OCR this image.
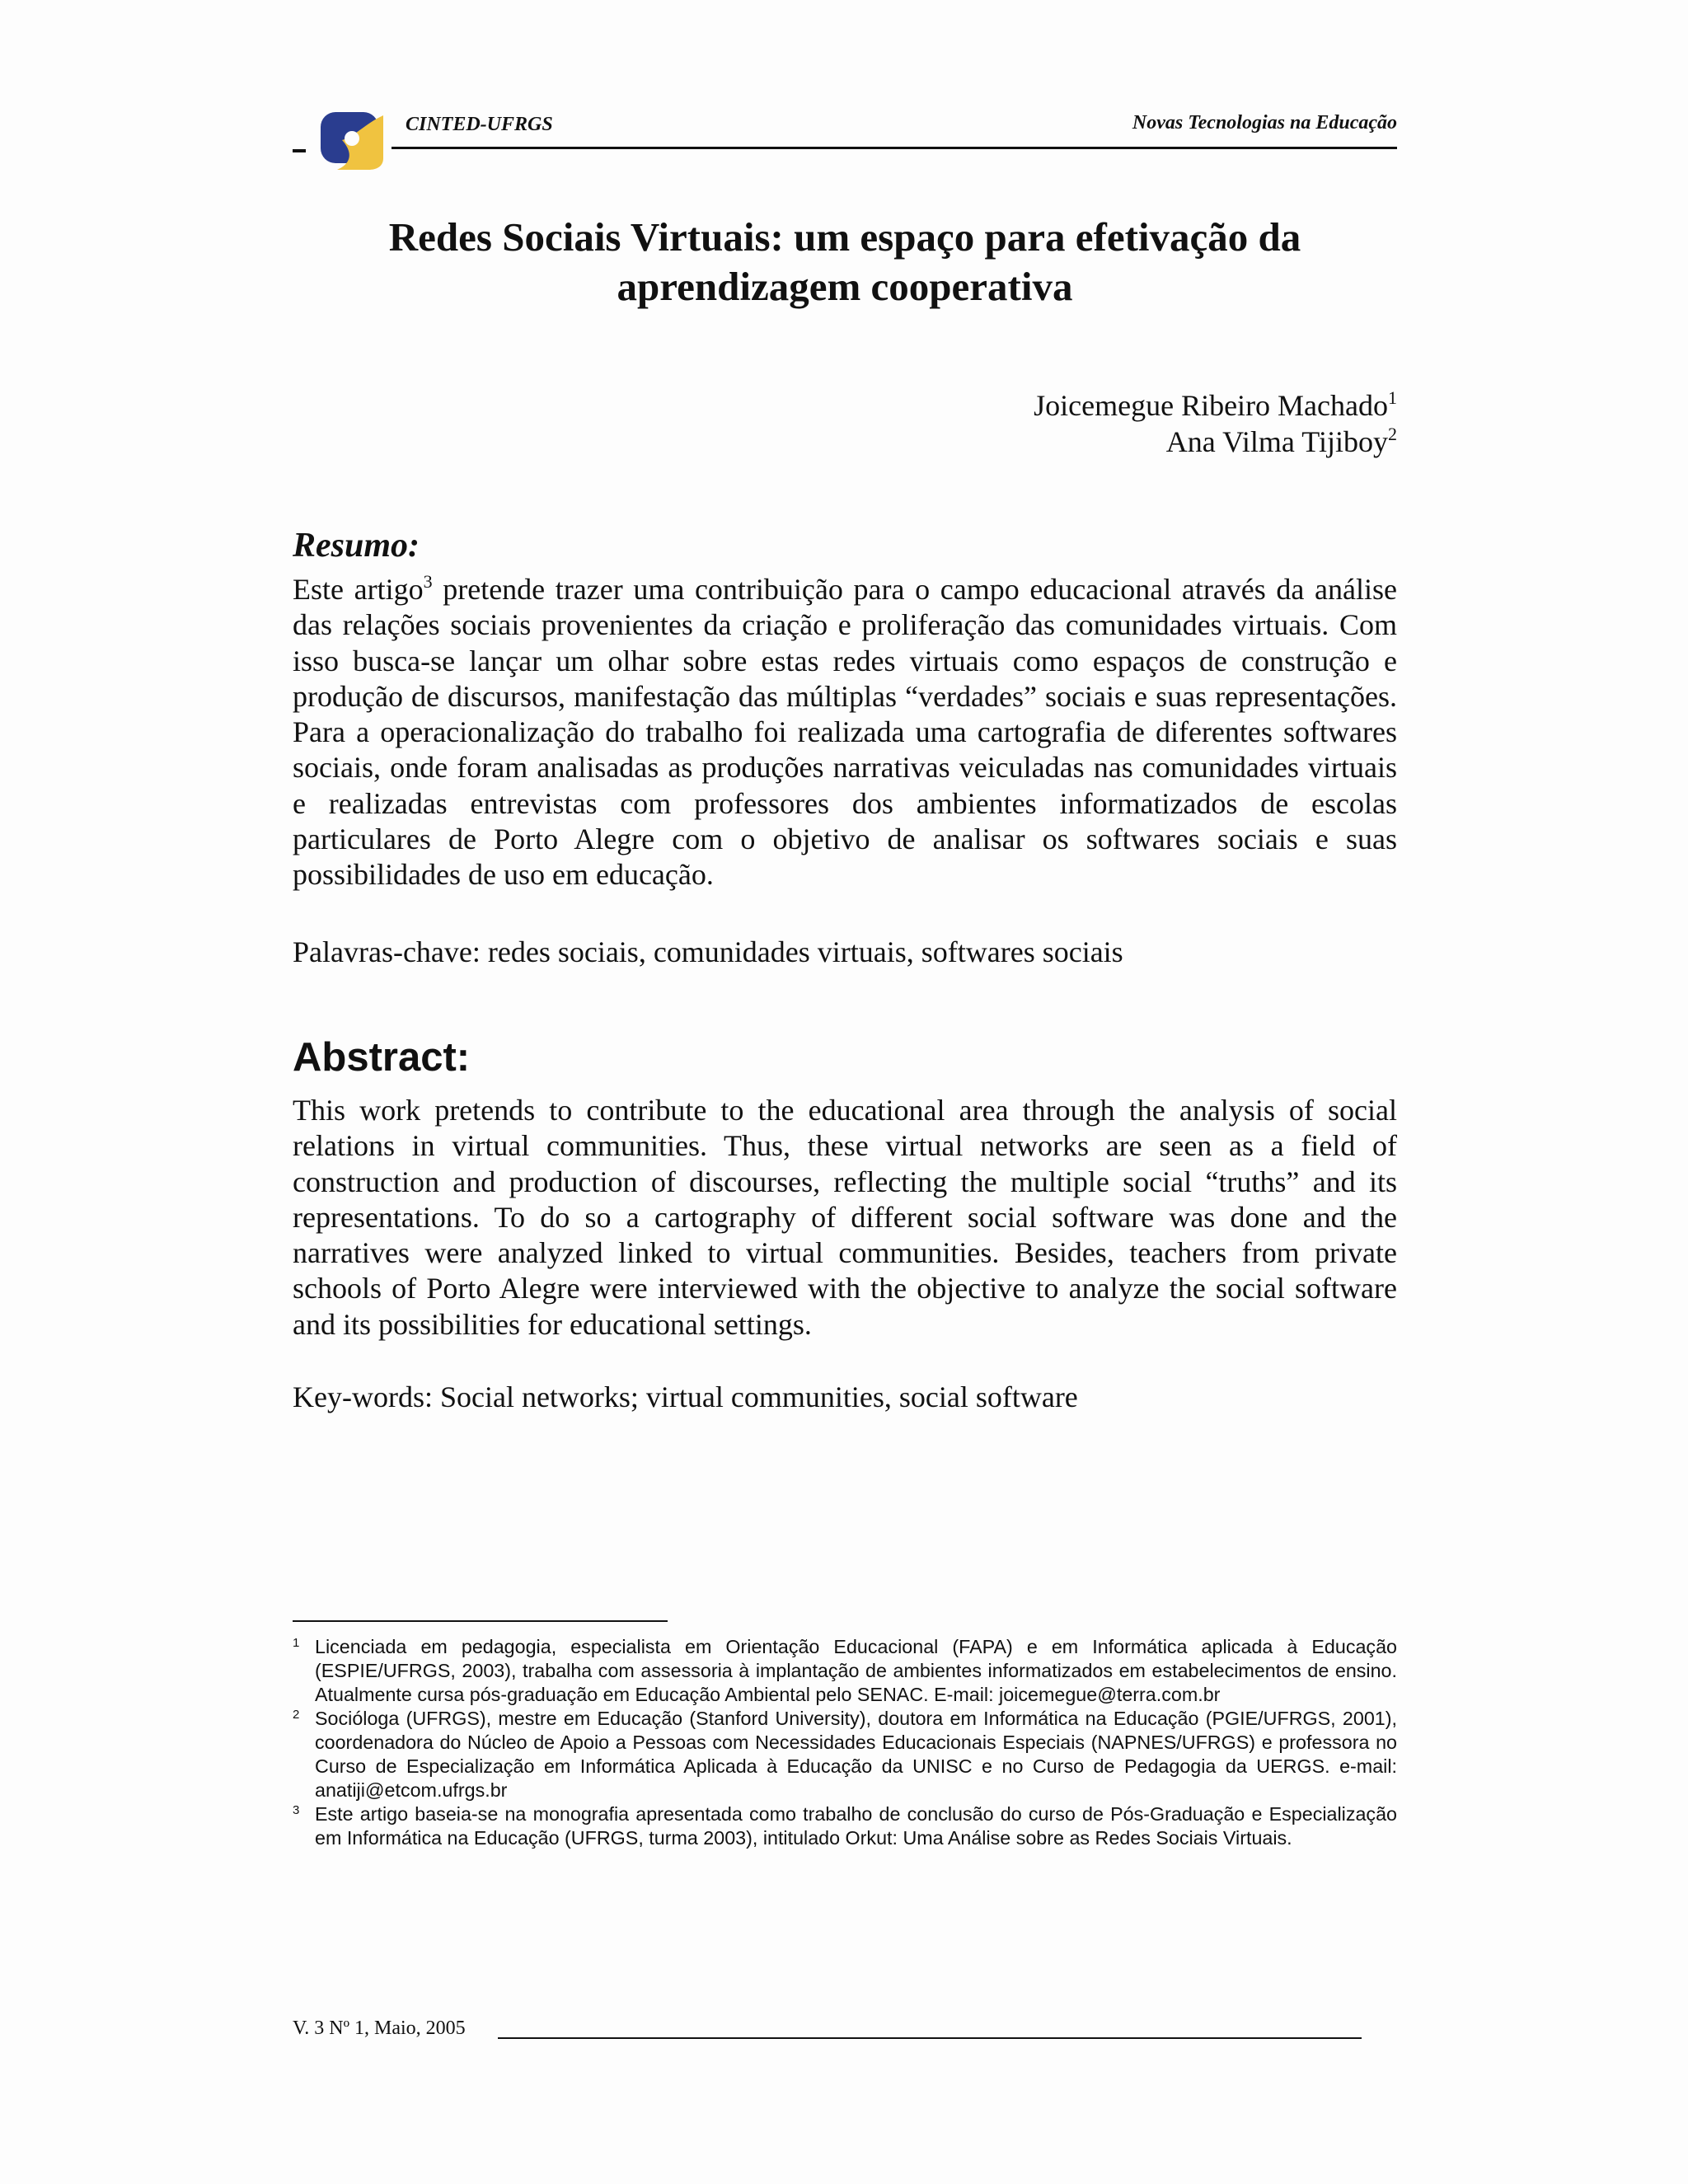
CINTED-UFRGS	Novas Tecnologias na Educação
Redes Sociais Virtuais: um espaço para efetivação da
aprendizagem cooperativa
Joicemegue Ribeiro Machado$^1$
Ana Vilma Tijiboy$^2$
Resumo:
Este artigo$^3$ pretende trazer uma contribuição para o campo educacional através da análise das relações sociais provenientes da criação e proliferação das comunidades virtuais. Com isso busca-se lançar um olhar sobre estas redes virtuais como espaços de construção e produção de discursos, manifestação das múltiplas “verdades” sociais e suas representações. Para a operacionalização do trabalho foi realizada uma cartografia de diferentes softwares sociais, onde foram analisadas as produções narrativas veiculadas nas comunidades virtuais e realizadas entrevistas com professores dos ambientes informatizados de escolas particulares de Porto Alegre com o objetivo de analisar os softwares sociais e suas possibilidades de uso em educação.
Palavras-chave: redes sociais, comunidades virtuais, softwares sociais
Abstract:
This work pretends to contribute to the educational area through the analysis of social relations in virtual communities. Thus, these virtual networks are seen as a field of construction and production of discourses, reflecting the multiple social “truths” and its representations. To do so a cartography of different social software was done and the narratives were analyzed linked to virtual communities. Besides, teachers from private schools of Porto Alegre were interviewed with the objective to analyze the social software and its possibilities for educational settings.
Key-words: Social networks; virtual communities, social software
1 Licenciada em pedagogia, especialista em Orientação Educacional (FAPA) e em Informática aplicada à Educação (ESPIE/UFRGS, 2003), trabalha com assessoria à implantação de ambientes informatizados em estabelecimentos de ensino. Atualmente cursa pós-graduação em Educação Ambiental pelo SENAC. E-mail: joicemegue@terra.com.br
2 Socióloga (UFRGS), mestre em Educação (Stanford University), doutora em Informática na Educação (PGIE/UFRGS, 2001), coordenadora do Núcleo de Apoio a Pessoas com Necessidades Educacionais Especiais (NAPNES/UFRGS) e professora no Curso de Especialização em Informática Aplicada à Educação da UNISC e no Curso de Pedagogia da UERGS. e-mail: anatiji@etcom.ufrgs.br
3 Este artigo baseia-se na monografia apresentada como trabalho de conclusão do curso de Pós-Graduação e Especialização em Informática na Educação (UFRGS, turma 2003), intitulado Orkut: Uma Análise sobre as Redes Sociais Virtuais.
V. 3 Nº 1, Maio, 2005
